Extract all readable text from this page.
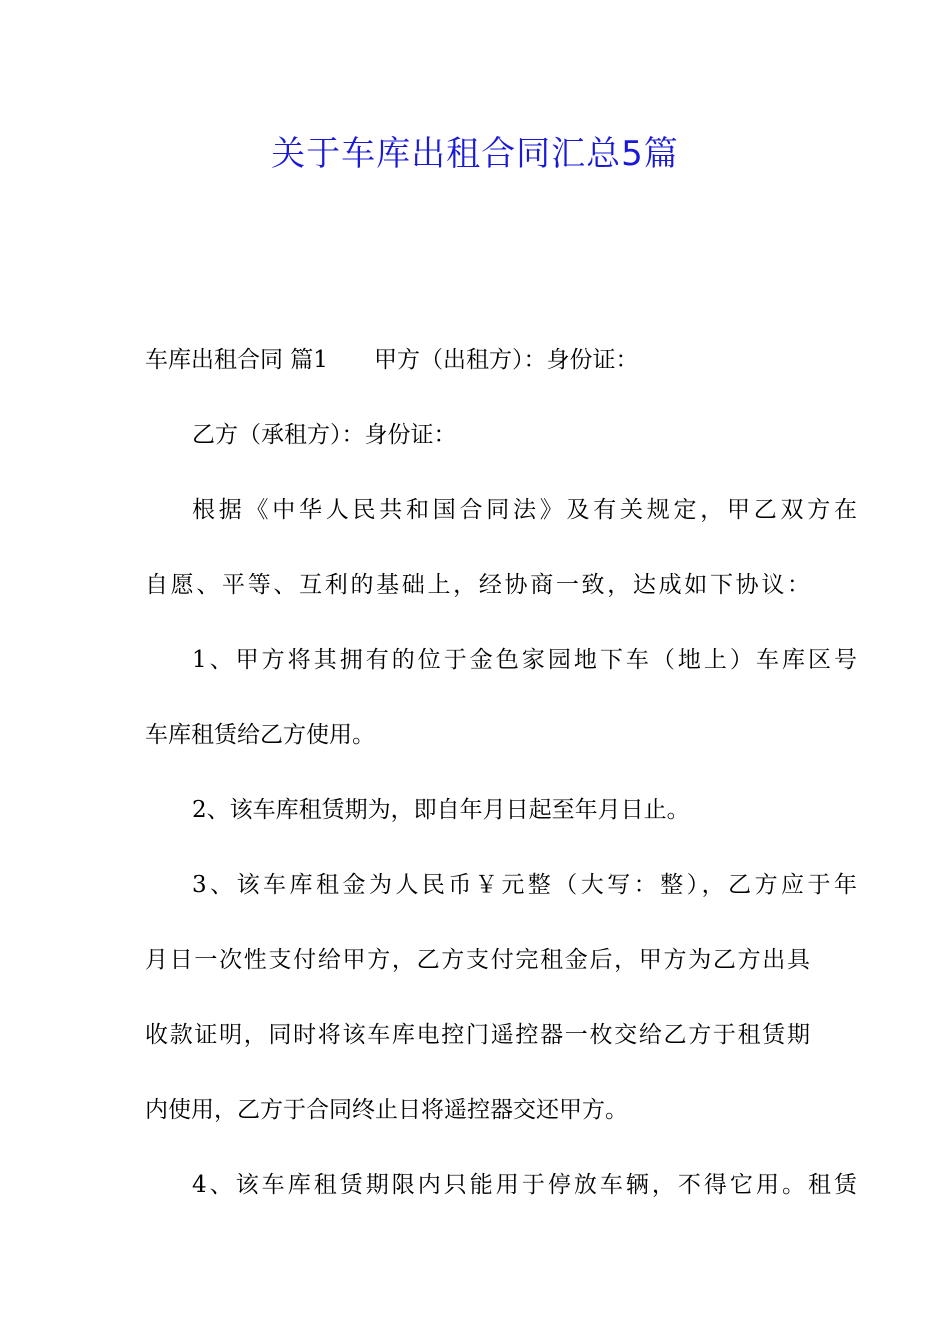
关于车库出租合同汇总5篇

车库出租合同 篇1 甲方（出租方）：身份证：

乙方（承租方）：身份证：

根据《中华人民共和国合同法》及有关规定，甲乙双方在

自愿、平等、互利的基础上，经协商一致，达成如下协议：

1、甲方将其拥有的位于金色家园地下车（地上）车库区号

车库租赁给乙方使用。

2、该车库租赁期为，即自年月日起至年月日止。

3、该车库租金为人民币￥元整（大写：整），乙方应于年

月日一次性支付给甲方，乙方支付完租金后，甲方为乙方出具

收款证明，同时将该车库电控门遥控器一枚交给乙方于租赁期

内使用，乙方于合同终止日将遥控器交还甲方。

4、该车库租赁期限内只能用于停放车辆，不得它用。租赁
